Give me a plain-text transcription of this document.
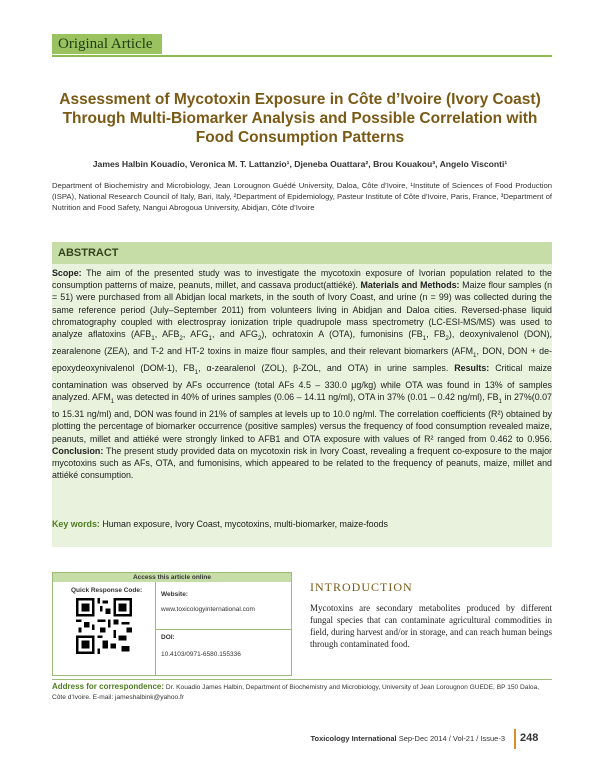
Original Article
Assessment of Mycotoxin Exposure in Côte d’Ivoire (Ivory Coast) Through Multi-Biomarker Analysis and Possible Correlation with Food Consumption Patterns
James Halbin Kouadio, Veronica M. T. Lattanzio¹, Djeneba Ouattara², Brou Kouakou³, Angelo Visconti¹
Department of Biochemistry and Microbiology, Jean Lorougnon Guédé University, Daloa, Côte d’Ivoire, ¹Institute of Sciences of Food Production (ISPA), National Research Council of Italy, Bari, Italy, ²Department of Epidemiology, Pasteur Institute of Côte d’Ivoire, Paris, France, ³Department of Nutrition and Food Safety, Nangui Abrogoua University, Abidjan, Côte d’Ivoire
ABSTRACT
Scope: The aim of the presented study was to investigate the mycotoxin exposure of Ivorian population related to the consumption patterns of maize, peanuts, millet, and cassava product(attiéké). Materials and Methods: Maize flour samples (n = 51) were purchased from all Abidjan local markets, in the south of Ivory Coast, and urine (n = 99) was collected during the same reference period (July–September 2011) from volunteers living in Abidjan and Daloa cities. Reversed-phase liquid chromatography coupled with electrospray ionization triple quadrupole mass spectrometry (LC-ESI-MS/MS) was used to analyze aflatoxins ($AFB_1$, $AFB_2$, $AFG_1$, and $AFG_2$), ochratoxin A (OTA), fumonisins ($FB_1$, $FB_2$), deoxynivalenol (DON), zearalenone (ZEA), and T-2 and HT-2 toxins in maize flour samples, and their relevant biomarkers ($AFM_1$, DON, DON + de-epoxydeoxynivalenol (DOM-1), $FB_1$, α-zearalenol (ZOL), β-ZOL, and OTA) in urine samples. Results: Critical maize contamination was observed by AFs occurrence (total AFs 4.5 – 330.0 μg/kg) while OTA was found in 13% of samples analyzed. $AFM_1$ was detected in 40% of urines samples (0.06 – 14.11 ng/ml), OTA in 37% (0.01 – 0.42 ng/ml), $FB_1$ in 27%(0.07 to 15.31 ng/ml) and, DON was found in 21% of samples at levels up to 10.0 ng/ml. The correlation coefficients (R²) obtained by plotting the percentage of biomarker occurrence (positive samples) versus the frequency of food consumption revealed maize, peanuts, millet and attiéké were strongly linked to AFB1 and OTA exposure with values of R² ranged from 0.462 to 0.956. Conclusion: The present study provided data on mycotoxin risk in Ivory Coast, revealing a frequent co-exposure to the major mycotoxins such as AFs, OTA, and fumonisins, which appeared to be related to the frequency of peanuts, maize, millet and attiéké consumption.
Key words: Human exposure, Ivory Coast, mycotoxins, multi-biomarker, maize-foods
Access this article online
Quick Response Code:
Website:
www.toxicologyinternational.com
DOI:
10.4103/0971-6580.155336
INTRODUCTION
Mycotoxins are secondary metabolites produced by different fungal species that can contaminate agricultural commodities in field, during harvest and/or in storage, and can reach human beings through contaminated food.
Address for correspondence: Dr. Kouadio James Halbin, Department of Biochemistry and Microbiology, University of Jean Lorougnon GUEDE, BP 150 Daloa, Côte d’Ivoire. E-mail: jameshalbink@yahoo.fr
Toxicology International Sep-Dec 2014 / Vol-21 / Issue-3 248
